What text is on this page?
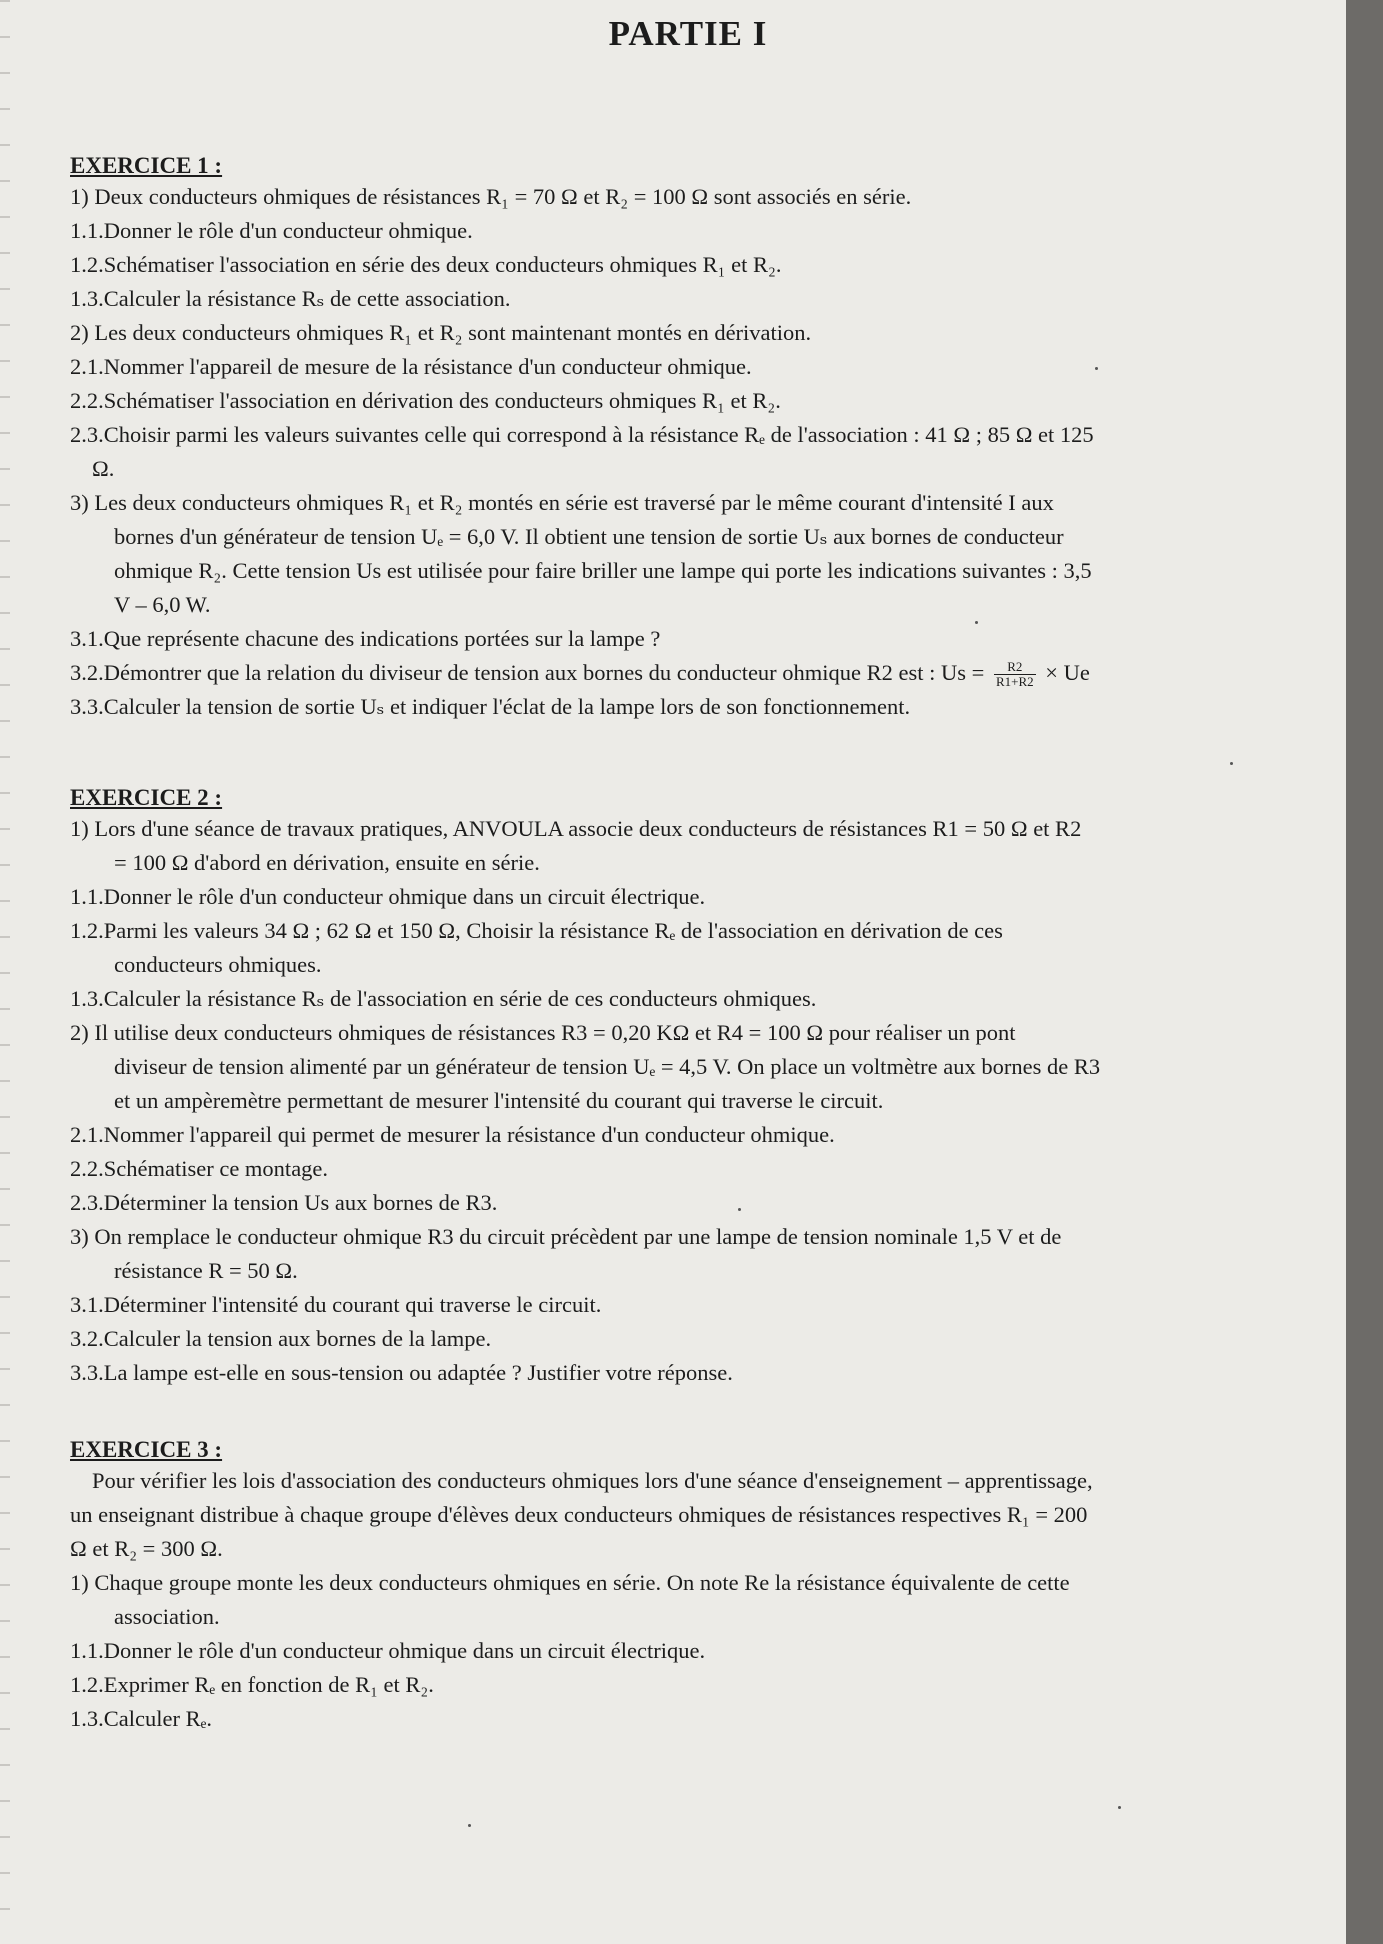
PARTIE I

EXERCICE 1 :

1) Deux conducteurs ohmiques de résistances R₁ = 70 Ω et R₂ = 100 Ω sont associés en série.

1.1.Donner le rôle d'un conducteur ohmique.

1.2.Schématiser l'association en série des deux conducteurs ohmiques R₁ et R₂.

1.3.Calculer la résistance Rₛ de cette association.

2) Les deux conducteurs ohmiques R₁ et R₂ sont maintenant montés en dérivation.

2.1.Nommer l'appareil de mesure de la résistance d'un conducteur ohmique.

2.2.Schématiser l'association en dérivation des conducteurs ohmiques R₁ et R₂.

2.3.Choisir parmi les valeurs suivantes celle qui correspond à la résistance Rₑ de l'association : 41 Ω ; 85 Ω et 125

Ω.

3) Les deux conducteurs ohmiques R₁ et R₂ montés en série est traversé par le même courant d'intensité I aux

bornes d'un générateur de tension Uₑ = 6,0 V. Il obtient une tension de sortie Uₛ aux bornes de conducteur

ohmique R₂. Cette tension Us est utilisée pour faire briller une lampe qui porte les indications suivantes : 3,5

V – 6,0 W.

3.1.Que représente chacune des indications portées sur la lampe ?

3.2.Démontrer que la relation du diviseur de tension aux bornes du conducteur ohmique R2 est : $Us = \frac{R2}{R1+R2} \times Ue$

3.3.Calculer la tension de sortie Uₛ et indiquer l'éclat de la lampe lors de son fonctionnement.

EXERCICE 2 :

1) Lors d'une séance de travaux pratiques, ANVOULA associe deux conducteurs de résistances R1 = 50 Ω et R2

= 100 Ω d'abord en dérivation, ensuite en série.

1.1.Donner le rôle d'un conducteur ohmique dans un circuit électrique.

1.2.Parmi les valeurs 34 Ω ; 62 Ω et 150 Ω, Choisir la résistance Rₑ de l'association en dérivation de ces

conducteurs ohmiques.

1.3.Calculer la résistance Rₛ de l'association en série de ces conducteurs ohmiques.

2) Il utilise deux conducteurs ohmiques de résistances R3 = 0,20 KΩ et R4 = 100 Ω pour réaliser un pont

diviseur de tension alimenté par un générateur de tension Uₑ = 4,5 V. On place un voltmètre aux bornes de R3

et un ampèremètre permettant de mesurer l'intensité du courant qui traverse le circuit.

2.1.Nommer l'appareil qui permet de mesurer la résistance d'un conducteur ohmique.

2.2.Schématiser ce montage.

2.3.Déterminer la tension Us aux bornes de R3.

3) On remplace le conducteur ohmique R3 du circuit précèdent par une lampe de tension nominale 1,5 V et de

résistance R = 50 Ω.

3.1.Déterminer l'intensité du courant qui traverse le circuit.

3.2.Calculer la tension aux bornes de la lampe.

3.3.La lampe est-elle en sous-tension ou adaptée ? Justifier votre réponse.

EXERCICE 3 :

Pour vérifier les lois d'association des conducteurs ohmiques lors d'une séance d'enseignement – apprentissage,

un enseignant distribue à chaque groupe d'élèves deux conducteurs ohmiques de résistances respectives R₁ = 200

Ω et R₂ = 300 Ω.

1) Chaque groupe monte les deux conducteurs ohmiques en série. On note Re la résistance équivalente de cette

association.

1.1.Donner le rôle d'un conducteur ohmique dans un circuit électrique.

1.2.Exprimer Rₑ en fonction de R₁ et R₂.

1.3.Calculer Rₑ.
